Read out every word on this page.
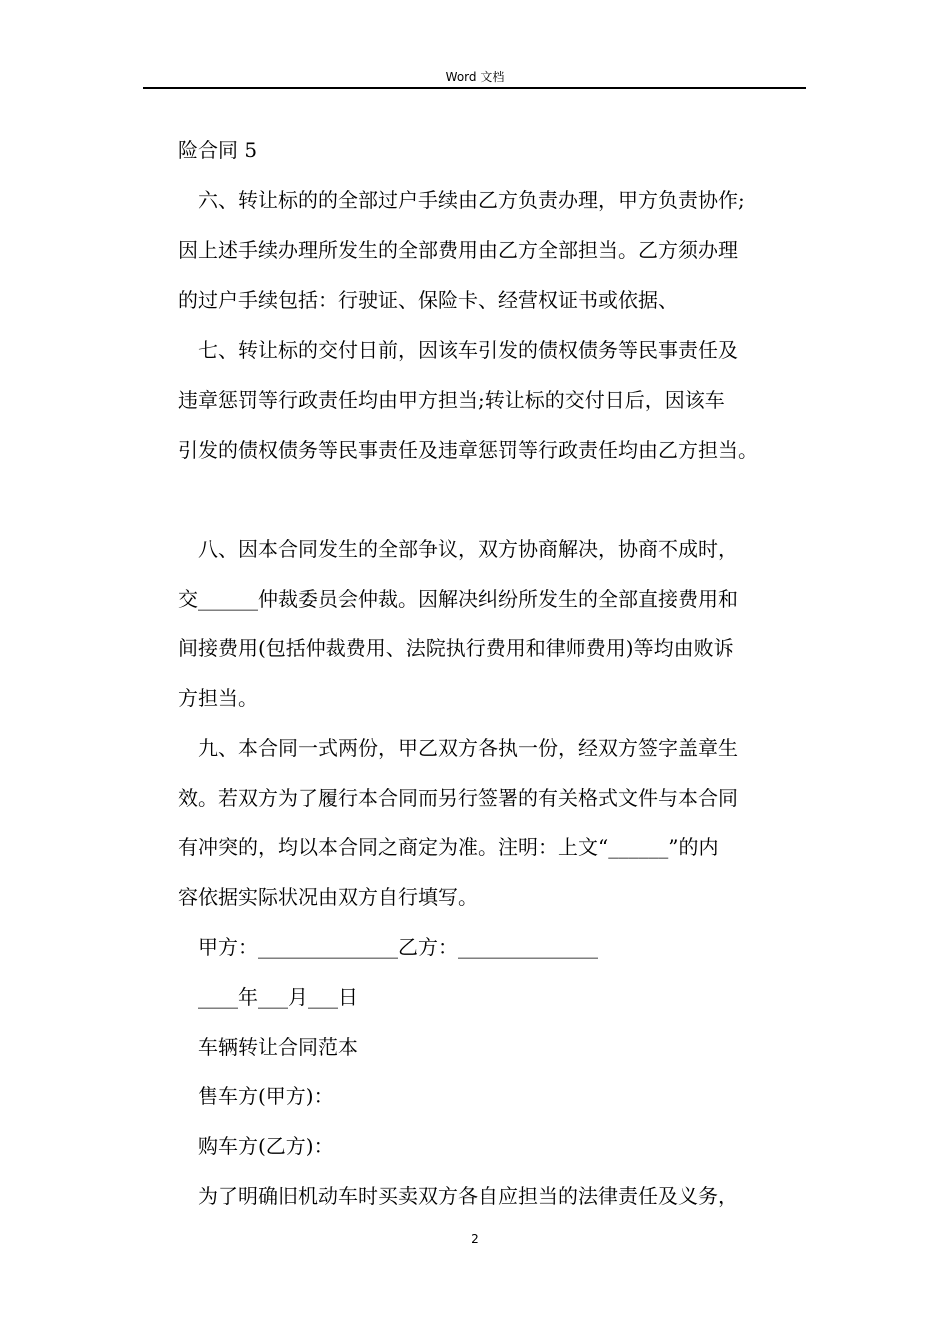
Word 文档
险合同 5
六、转让标的的全部过户手续由乙方负责办理，甲方负责协作;
因上述手续办理所发生的全部费用由乙方全部担当。乙方须办理
的过户手续包括：行驶证、保险卡、经营权证书或依据、
七、转让标的交付日前，因该车引发的债权债务等民事责任及
违章惩罚等行政责任均由甲方担当;转让标的交付日后，因该车
引发的债权债务等民事责任及违章惩罚等行政责任均由乙方担当。
八、因本合同发生的全部争议，双方协商解决，协商不成时，
交______仲裁委员会仲裁。因解决纠纷所发生的全部直接费用和
间接费用(包括仲裁费用、法院执行费用和律师费用)等均由败诉
方担当。
九、本合同一式两份，甲乙双方各执一份，经双方签字盖章生
效。若双方为了履行本合同而另行签署的有关格式文件与本合同
有冲突的，均以本合同之商定为准。注明：上文“______”的内
容依据实际状况由双方自行填写。
甲方：______________乙方：______________
____年___月___日
车辆转让合同范本
售车方(甲方)：
购车方(乙方)：
为了明确旧机动车时买卖双方各自应担当的法律责任及义务，
2
